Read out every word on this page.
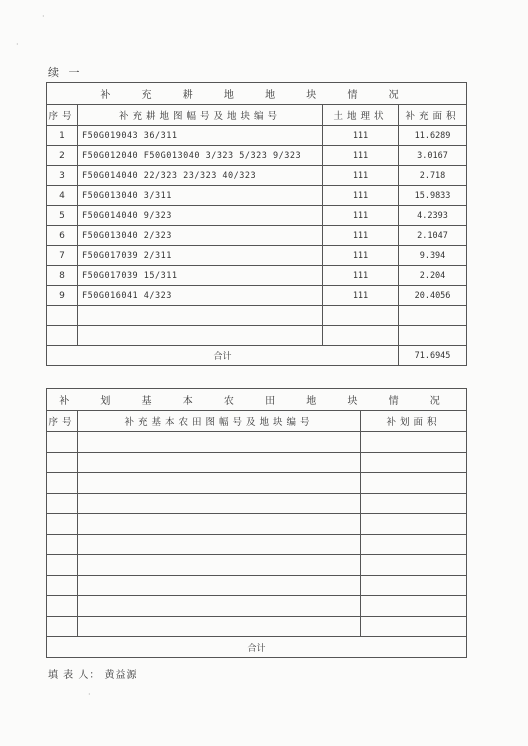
·
·
·
续 一
补 充 耕 地 地 块 情 况			
序号	补充耕地图幅号及地块编号	土地理状	补充面积
1	F50G019043 36/311	111	11.6289
2	F50G012040 F50G013040 3/323 5/323 9/323	111	3.0167
3	F50G014040 22/323 23/323 40/323	111	2.718
4	F50G013040 3/311	111	15.9833
5	F50G014040 9/323	111	4.2393
6	F50G013040 2/323	111	2.1047
7	F50G017039 2/311	111	9.394
8	F50G017039 15/311	111	2.204
9	F50G016041 4/323	111	20.4056

合计			71.6945
补 划 基 本 农 田 地 块 情 况		
序号	补充基本农田图幅号及地块编号	补划面积

合计		
填 表 人： 黄益源
